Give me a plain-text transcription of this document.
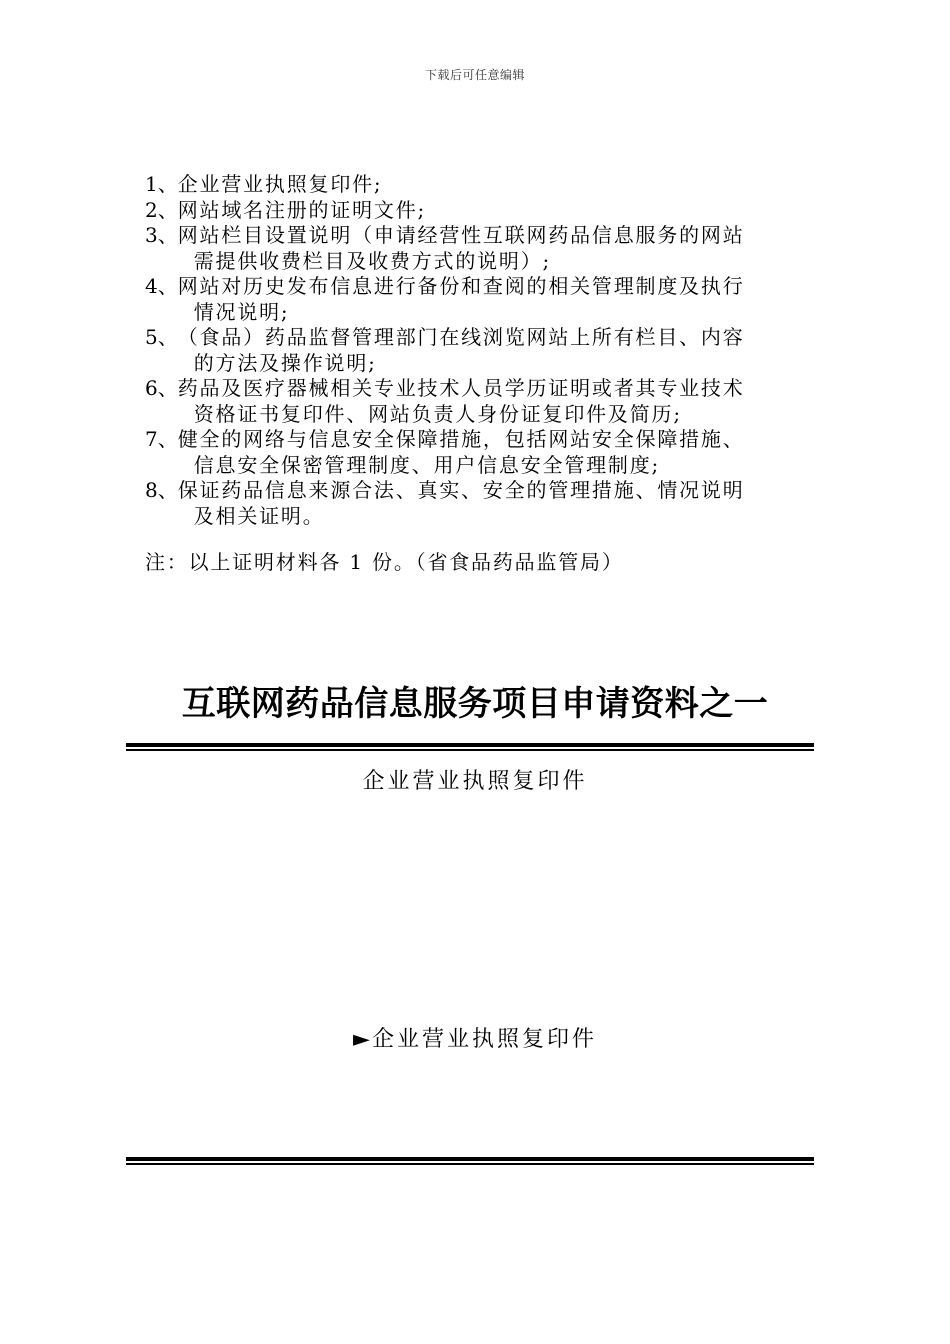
下载后可任意编辑
1、 企业营业执照复印件;
2、 网站域名注册的证明文件;
3、 网站栏目设置说明（申请经营性互联网药品信息服务的网站
需提供收费栏目及收费方式的说明）;
4、 网站对历史发布信息进行备份和查阅的相关管理制度及执行
情况说明;
5、 （食品）药品监督管理部门在线浏览网站上所有栏目、内容
的方法及操作说明;
6、 药品及医疗器械相关专业技术人员学历证明或者其专业技术
资格证书复印件、网站负责人身份证复印件及简历;
7、 健全的网络与信息安全保障措施，包括网站安全保障措施、
信息安全保密管理制度、用户信息安全管理制度;
8、 保证药品信息来源合法、真实、安全的管理措施、情况说明
及相关证明。
注：以上证明材料各 1 份。（省食品药品监管局）
互联网药品信息服务项目申请资料之一
企业营业执照复印件
►企业营业执照复印件
